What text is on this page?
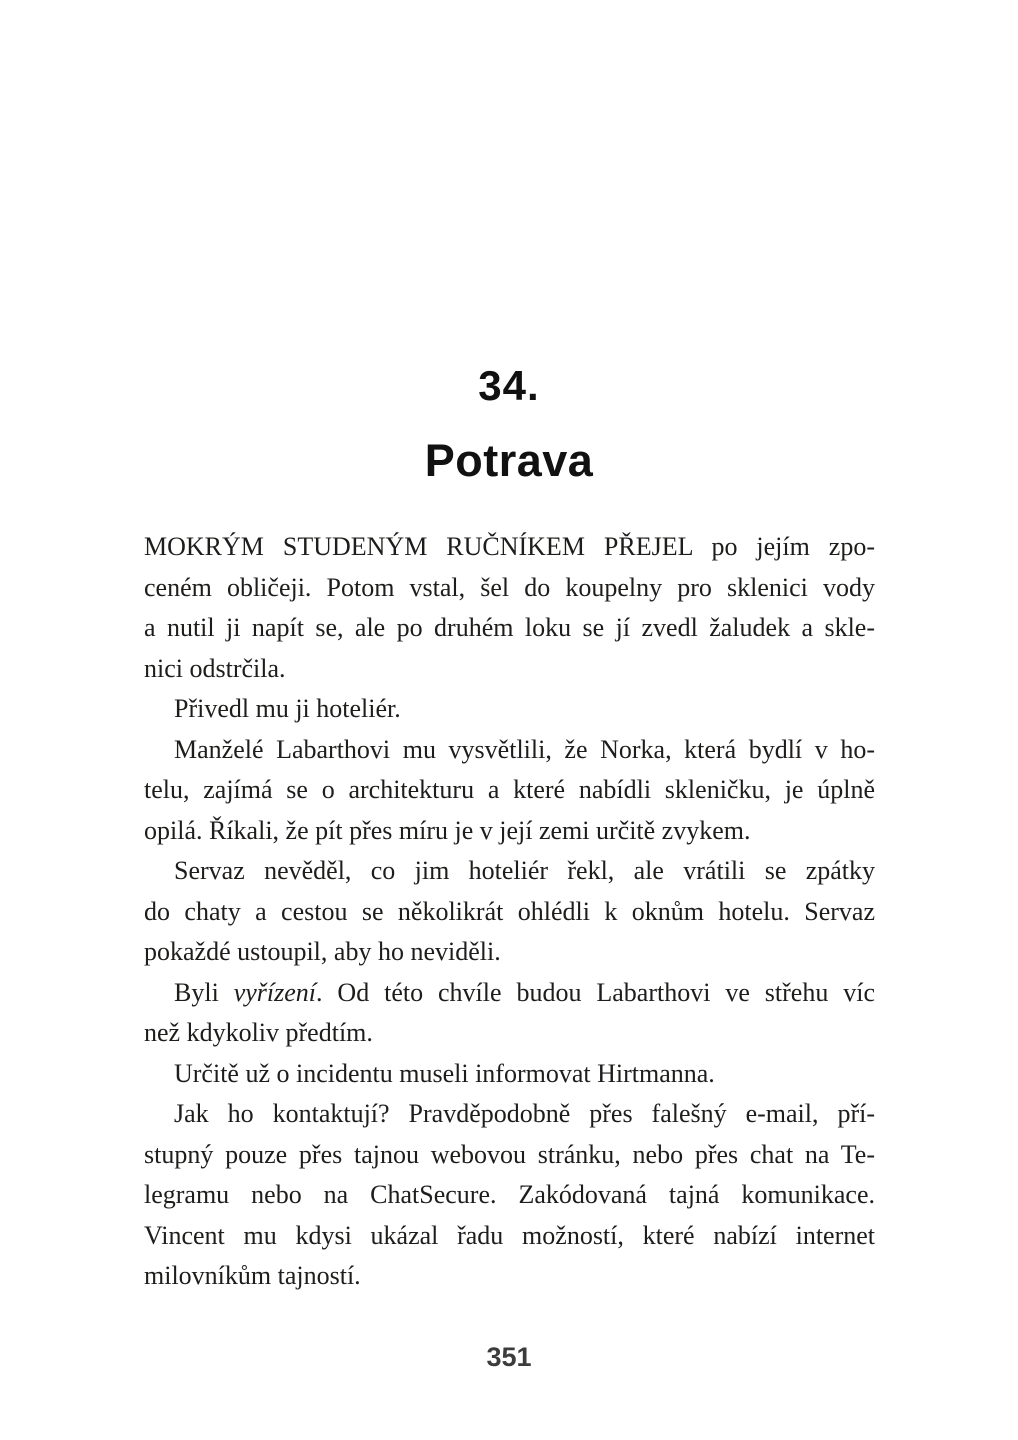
34.
Potrava
MOKRÝM STUDENÝM RUČNÍKEM PŘEJEL po jejím zpo-
ceném obličeji. Potom vstal, šel do koupelny pro sklenici vody
a nutil ji napít se, ale po druhém loku se jí zvedl žaludek a skle-
nici odstrčila.
Přivedl mu ji hoteliér.
Manželé Labarthovi mu vysvětlili, že Norka, která bydlí v ho-
telu, zajímá se o architekturu a které nabídli skleničku, je úplně
opilá. Říkali, že pít přes míru je v její zemi určitě zvykem.
Servaz nevěděl, co jim hoteliér řekl, ale vrátili se zpátky
do chaty a cestou se několikrát ohlédli k oknům hotelu. Servaz
pokaždé ustoupil, aby ho neviděli.
Byli vyřízení. Od této chvíle budou Labarthovi ve střehu víc
než kdykoliv předtím.
Určitě už o incidentu museli informovat Hirtmanna.
Jak ho kontaktují? Pravděpodobně přes falešný e-mail, pří-
stupný pouze přes tajnou webovou stránku, nebo přes chat na Te-
legramu nebo na ChatSecure. Zakódovaná tajná komunikace.
Vincent mu kdysi ukázal řadu možností, které nabízí internet
milovníkům tajností.
351
